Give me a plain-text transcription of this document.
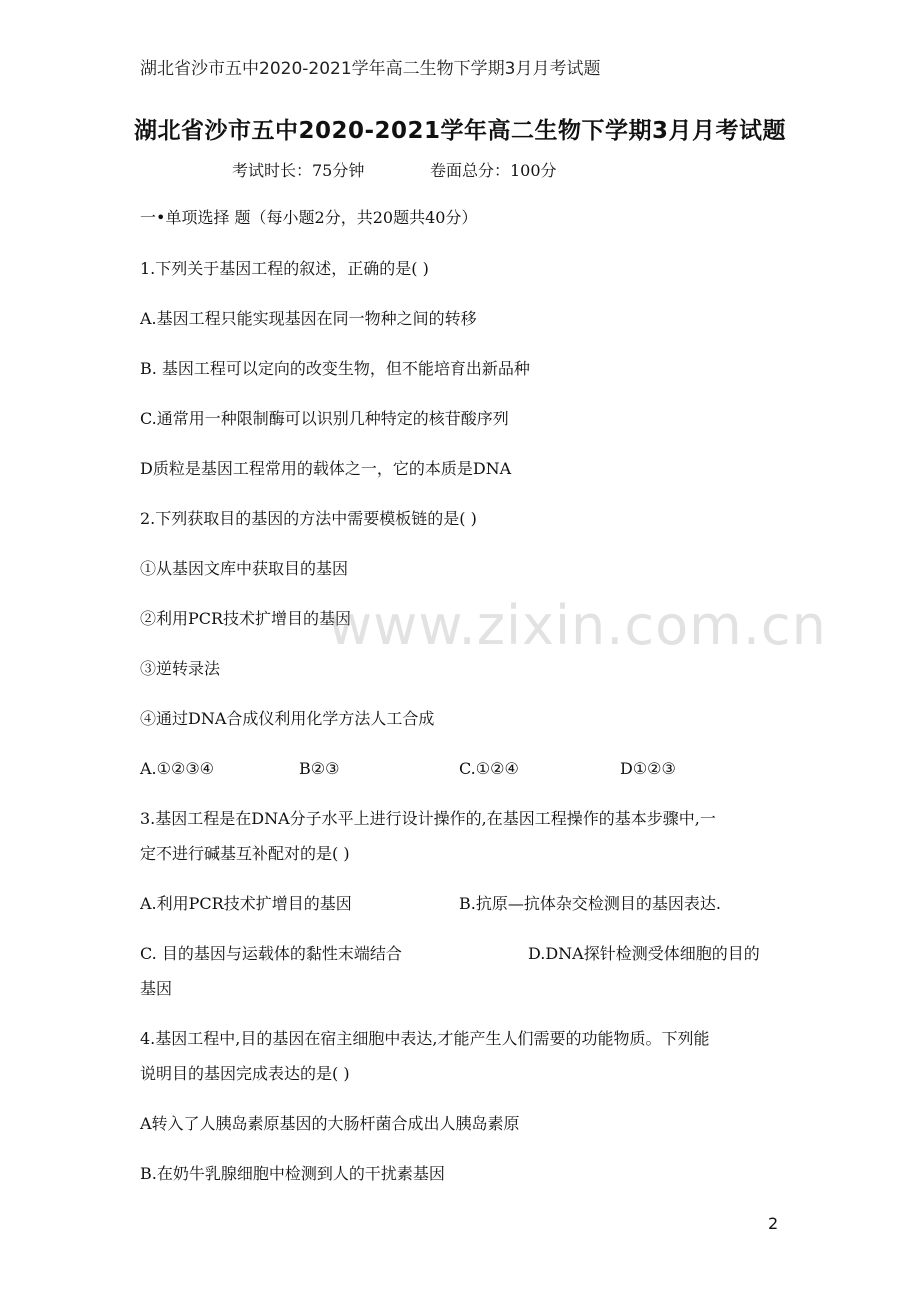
湖北省沙市五中2020-2021学年高二生物下学期3月月考试题
湖北省沙市五中2020-2021学年高二生物下学期3月月考试题
考试时长：75分钟	卷面总分：100分
一•单项选择 题（每小题2分，共20题共40分）
1.下列关于基因工程的叙述，正确的是( )
A.基因工程只能实现基因在同一物种之间的转移
B. 基因工程可以定向的改变生物，但不能培育出新品种
C.通常用一种限制酶可以识别几种特定的核苷酸序列
D质粒是基因工程常用的载体之一，它的本质是DNA
2.下列获取目的基因的方法中需要模板链的是( )
①从基因文库中获取目的基因
②利用PCR技术扩增目的基因
③逆转录法
④通过DNA合成仪利用化学方法人工合成
A.①②③④	B②③	C.①②④	D①②③
3.基因工程是在DNA分子水平上进行设计操作的,在基因工程操作的基本步骤中,一
定不进行碱基互补配对的是( )
A.利用PCR技术扩增目的基因	B.抗原—抗体杂交检测目的基因表达.
C. 目的基因与运载体的黏性末端结合	D.DNA探针检测受体细胞的目的
基因
4.基因工程中,目的基因在宿主细胞中表达,才能产生人们需要的功能物质。下列能
说明目的基因完成表达的是( )
A转入了人胰岛素原基因的大肠杆菌合成出人胰岛素原
B.在奶牛乳腺细胞中检测到人的干扰素基因
www.zixin.com.cn
2
